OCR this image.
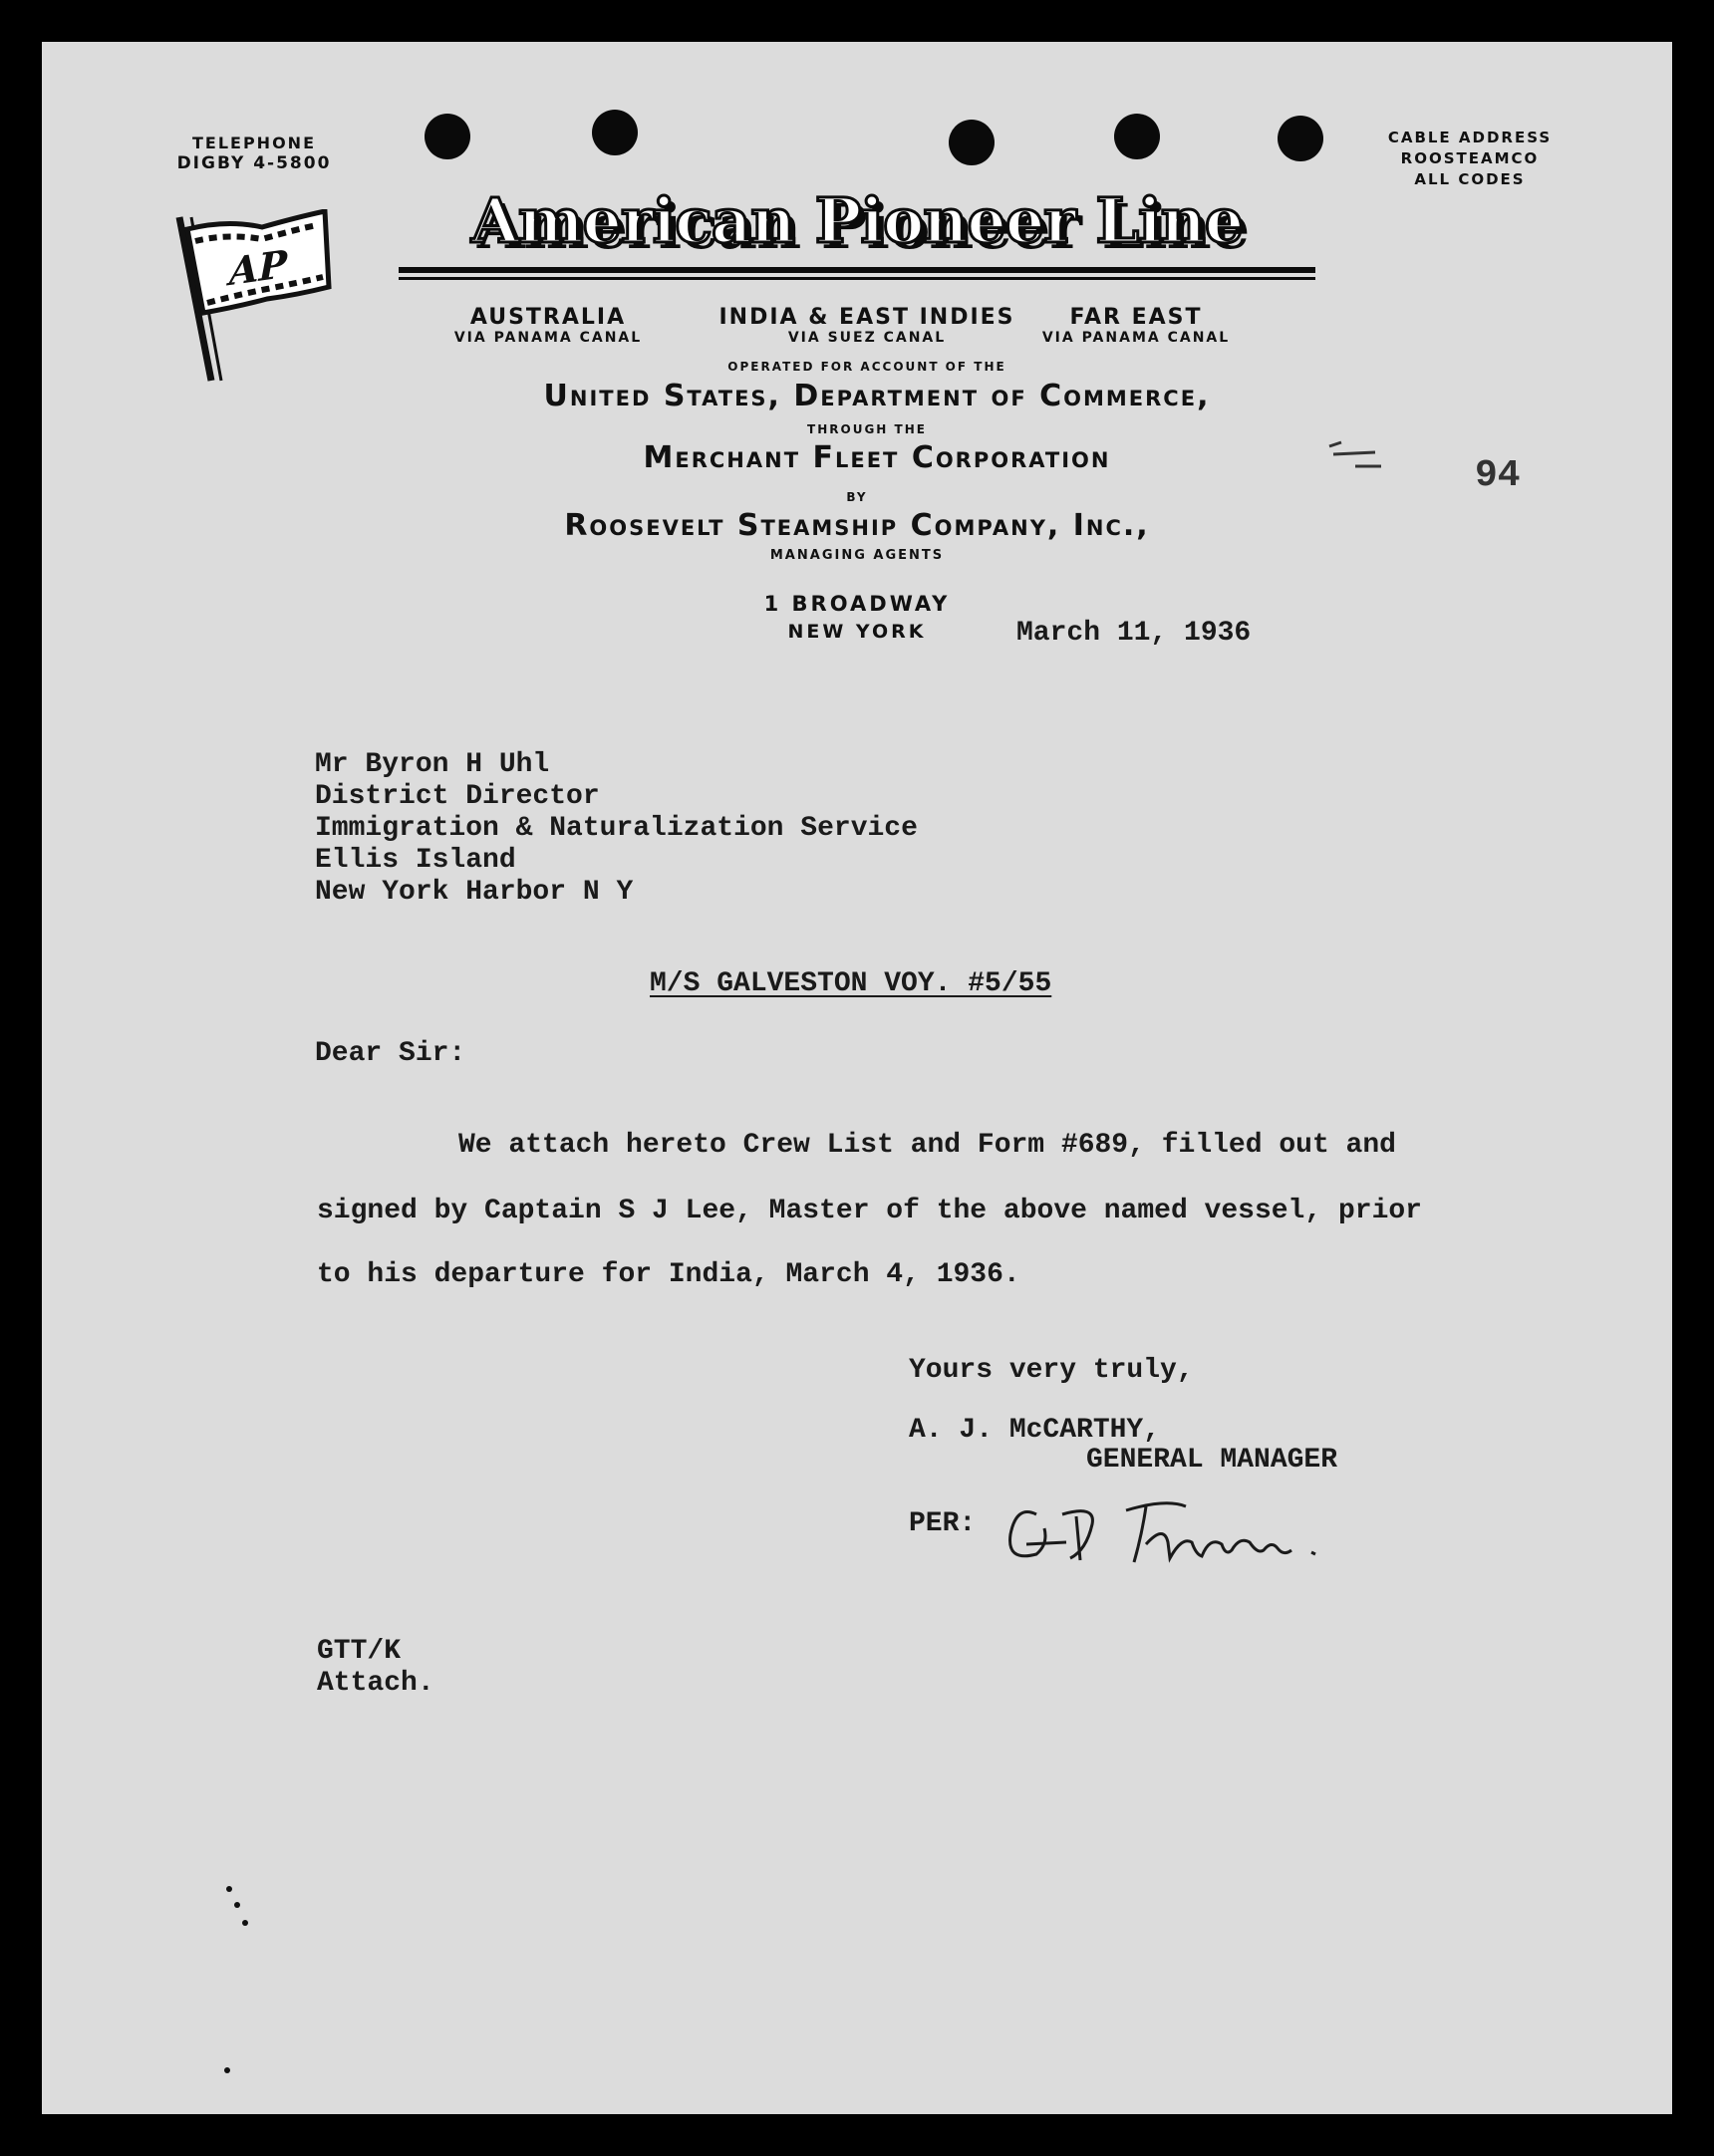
TELEPHONE
DIGBY 4-5800
CABLE ADDRESS
ROOSTEAMCO
ALL CODES
AP
American Pioneer Line
AUSTRALIA
VIA PANAMA CANAL
INDIA & EAST INDIES
VIA SUEZ CANAL
FAR EAST
VIA PANAMA CANAL
OPERATED FOR ACCOUNT OF THE
United States, Department of Commerce,
THROUGH THE
Merchant Fleet Corporation
BY
Roosevelt Steamship Company, Inc.,
MANAGING AGENTS
1 BROADWAY
NEW YORK
94
March 11, 1936
Mr Byron H Uhl
District Director
Immigration & Naturalization Service
Ellis Island
New York Harbor N Y
M/S GALVESTON VOY. #5/55
Dear Sir:
We attach hereto Crew List and Form #689, filled out and
signed by Captain S J Lee, Master of the above named vessel, prior
to his departure for India, March 4, 1936.
Yours very truly,
A. J. McCARTHY,
GENERAL MANAGER
PER:
GTT/K
Attach.
